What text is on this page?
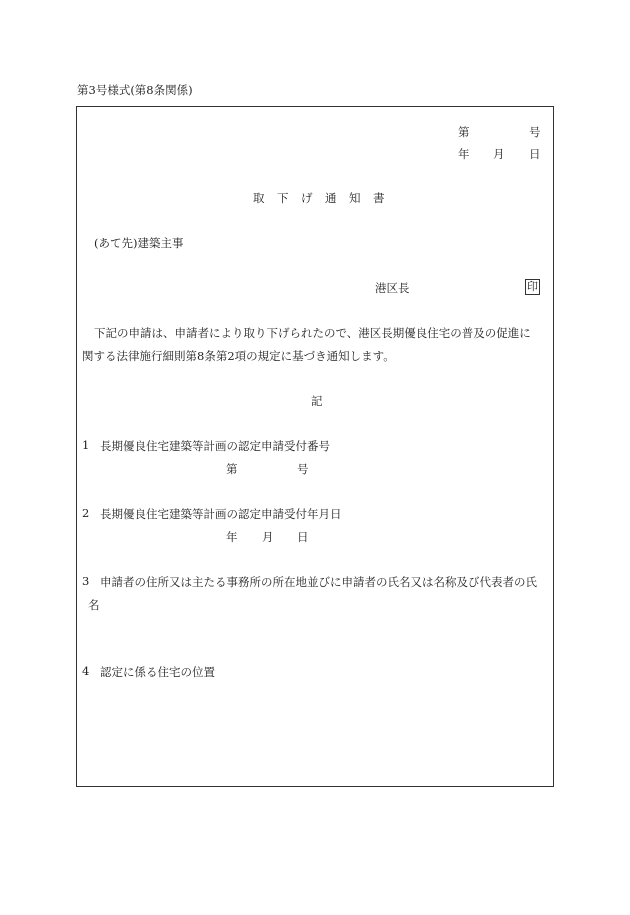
第3号様式(第8条関係)
第	号
年 月 日
取 下 げ 通 知 書
(あて先)建築主事
港区長	印
下記の申請は、申請者により取り下げられたので、港区長期優良住宅の普及の促進に
関する法律施行細則第8条第2項の規定に基づき通知します。
記
1 長期優良住宅建築等計画の認定申請受付番号
第	号
2 長期優良住宅建築等計画の認定申請受付年月日
年 月 日
3 申請者の住所又は主たる事務所の所在地並びに申請者の氏名又は名称及び代表者の氏
名
4 認定に係る住宅の位置
